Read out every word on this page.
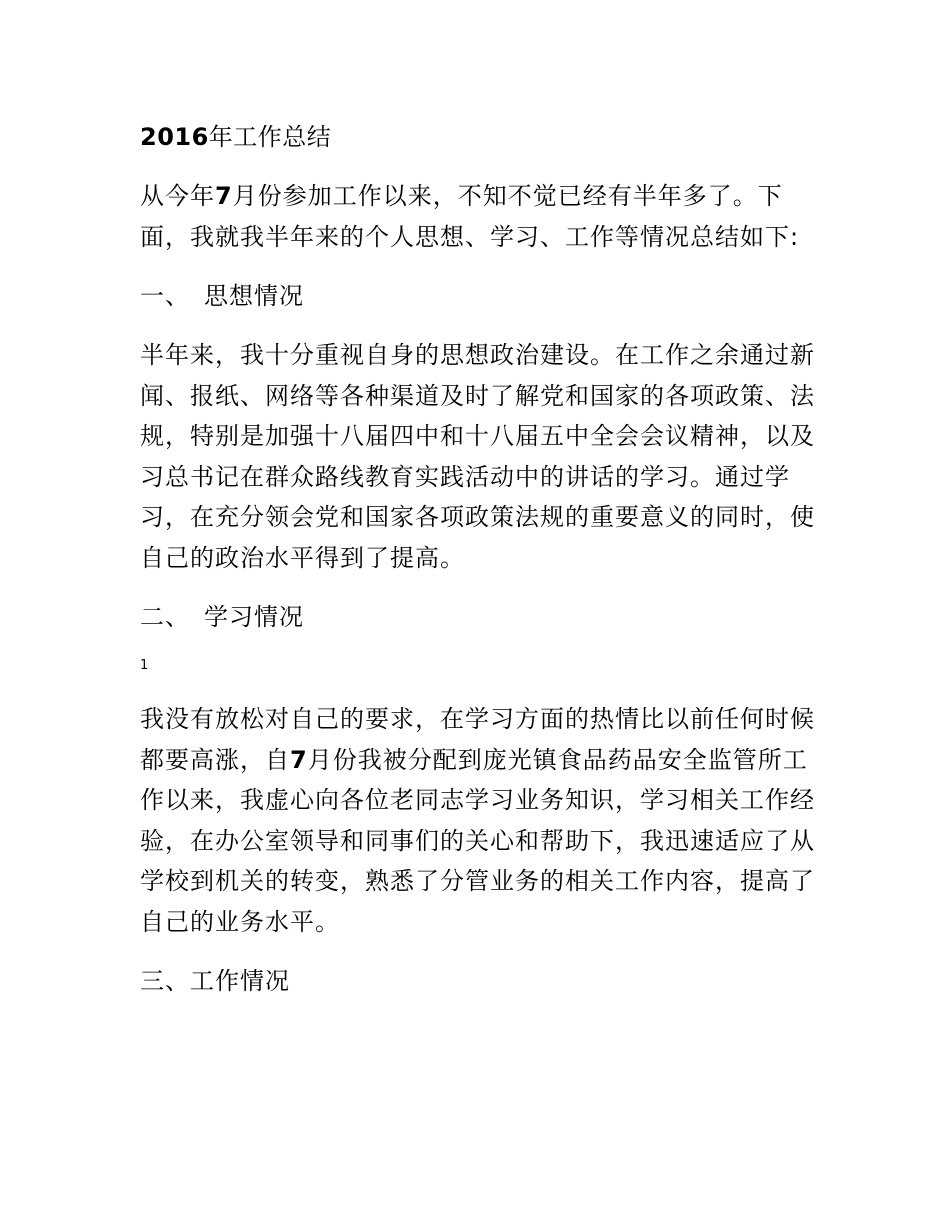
2016年工作总结
从今年7月份参加工作以来，不知不觉已经有半年多了。下面，我就我半年来的个人思想、学习、工作等情况总结如下:
一、 思想情况
半年来，我十分重视自身的思想政治建设。在工作之余通过新闻、报纸、网络等各种渠道及时了解党和国家的各项政策、法规，特别是加强十八届四中和十八届五中全会会议精神，以及习总书记在群众路线教育实践活动中的讲话的学习。通过学习，在充分领会党和国家各项政策法规的重要意义的同时，使自己的政治水平得到了提高。
二、 学习情况
1
我没有放松对自己的要求，在学习方面的热情比以前任何时候都要高涨，自7月份我被分配到庞光镇食品药品安全监管所工作以来，我虚心向各位老同志学习业务知识，学习相关工作经验，在办公室领导和同事们的关心和帮助下，我迅速适应了从学校到机关的转变，熟悉了分管业务的相关工作内容，提高了自己的业务水平。
三、工作情况
